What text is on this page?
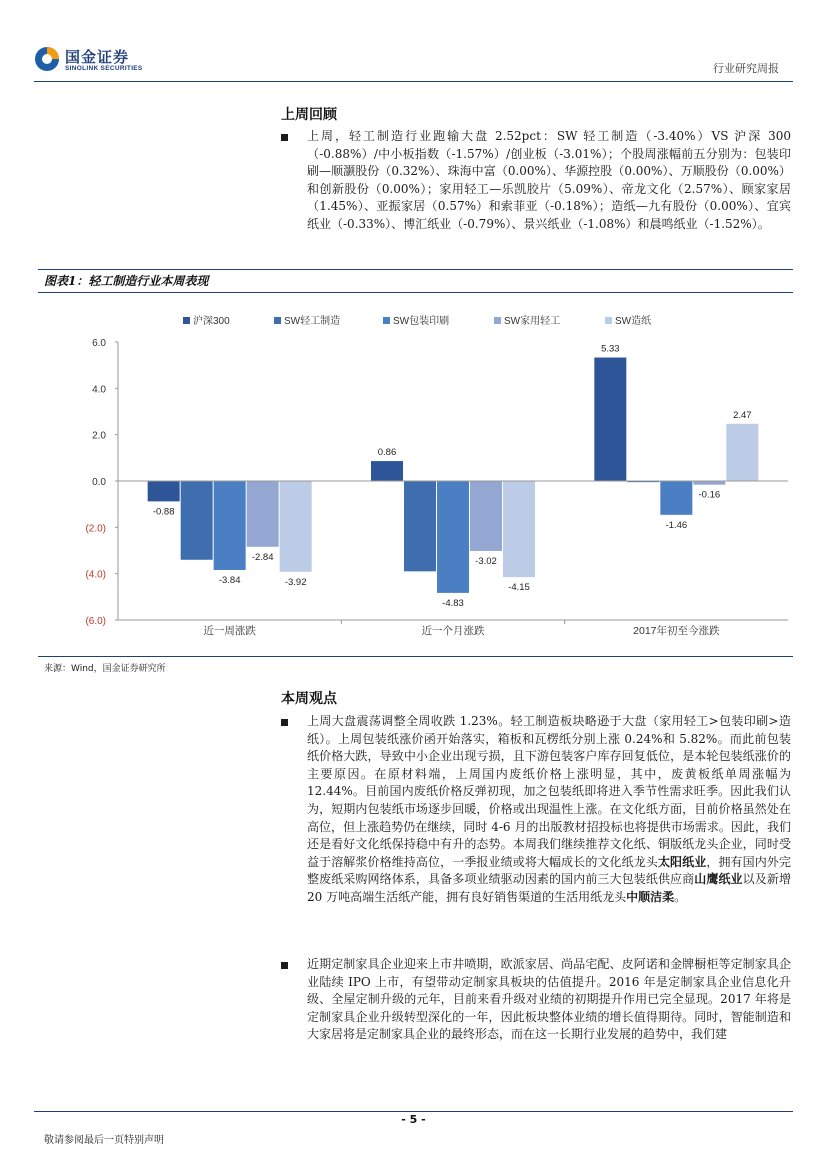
国金证券
SINOLINK SECURITIES	行业研究周报
上周回顾

上周，轻工制造行业跑输大盘 2.52pct：SW 轻工制造（-3.40%）VS 沪深 300（-0.88%）/中小板指数（-1.57%）/创业板（-3.01%）；个股周涨幅前五分别为：包装印刷—顺灏股份（0.32%）、珠海中富（0.00%）、华源控股（0.00%）、万顺股份（0.00%）和创新股份（0.00%）；家用轻工—乐凯胶片（5.09%）、帝龙文化（2.57%）、顾家家居（1.45%）、亚振家居（0.57%）和索菲亚（-0.18%）；造纸—九有股份（0.00%）、宜宾纸业（-0.33%）、博汇纸业（-0.79%）、景兴纸业（-1.08%）和晨鸣纸业（-1.52%）。

图表1：轻工制造行业本周表现
沪深300	SW轻工制造	SW包装印刷	SW家用轻工	SW造纸
6.0
4.0
2.0
0.0
(2.0)
(4.0)
(6.0)
-0.88
-3.84
-2.84
-3.92
0.86
-4.83
-3.02
-4.15
5.33
-1.46
-0.16
2.47
近一周涨跌	近一个月涨跌	2017年初至今涨跌
来源：Wind，国金证券研究所
本周观点

上周大盘震荡调整全周收跌 1.23%。轻工制造板块略逊于大盘（家用轻工>包装印刷>造纸）。上周包装纸涨价函开始落实，箱板和瓦楞纸分别上涨 0.24%和 5.82%。而此前包装纸价格大跌，导致中小企业出现亏损，且下游包装客户库存回复低位，是本轮包装纸涨价的主要原因。在原材料端，上周国内废纸价格上涨明显，其中，废黄板纸单周涨幅为 12.44%。目前国内废纸价格反弹初现，加之包装纸即将进入季节性需求旺季。因此我们认为，短期内包装纸市场逐步回暖，价格或出现温性上涨。在文化纸方面，目前价格虽然处在高位，但上涨趋势仍在继续，同时 4-6 月的出版教材招投标也将提供市场需求。因此，我们还是看好文化纸保持稳中有升的态势。本周我们继续推荐文化纸、铜版纸龙头企业，同时受益于溶解浆价格维持高位，一季报业绩或将大幅成长的文化纸龙头太阳纸业，拥有国内外完整废纸采购网络体系，具备多项业绩驱动因素的国内前三大包装纸供应商山鹰纸业以及新增 20 万吨高端生活纸产能，拥有良好销售渠道的生活用纸龙头中顺洁柔。

近期定制家具企业迎来上市井喷期，欧派家居、尚品宅配、皮阿诺和金牌橱柜等定制家具企业陆续 IPO 上市，有望带动定制家具板块的估值提升。2016 年是定制家具企业信息化升级、全屋定制升级的元年，目前来看升级对业绩的初期提升作用已完全显现。2017 年将是定制家具企业升级转型深化的一年，因此板块整体业绩的增长值得期待。同时，智能制造和大家居将是定制家具企业的最终形态，而在这一长期行业发展的趋势中，我们建

- 5 -
敬请参阅最后一页特别声明
